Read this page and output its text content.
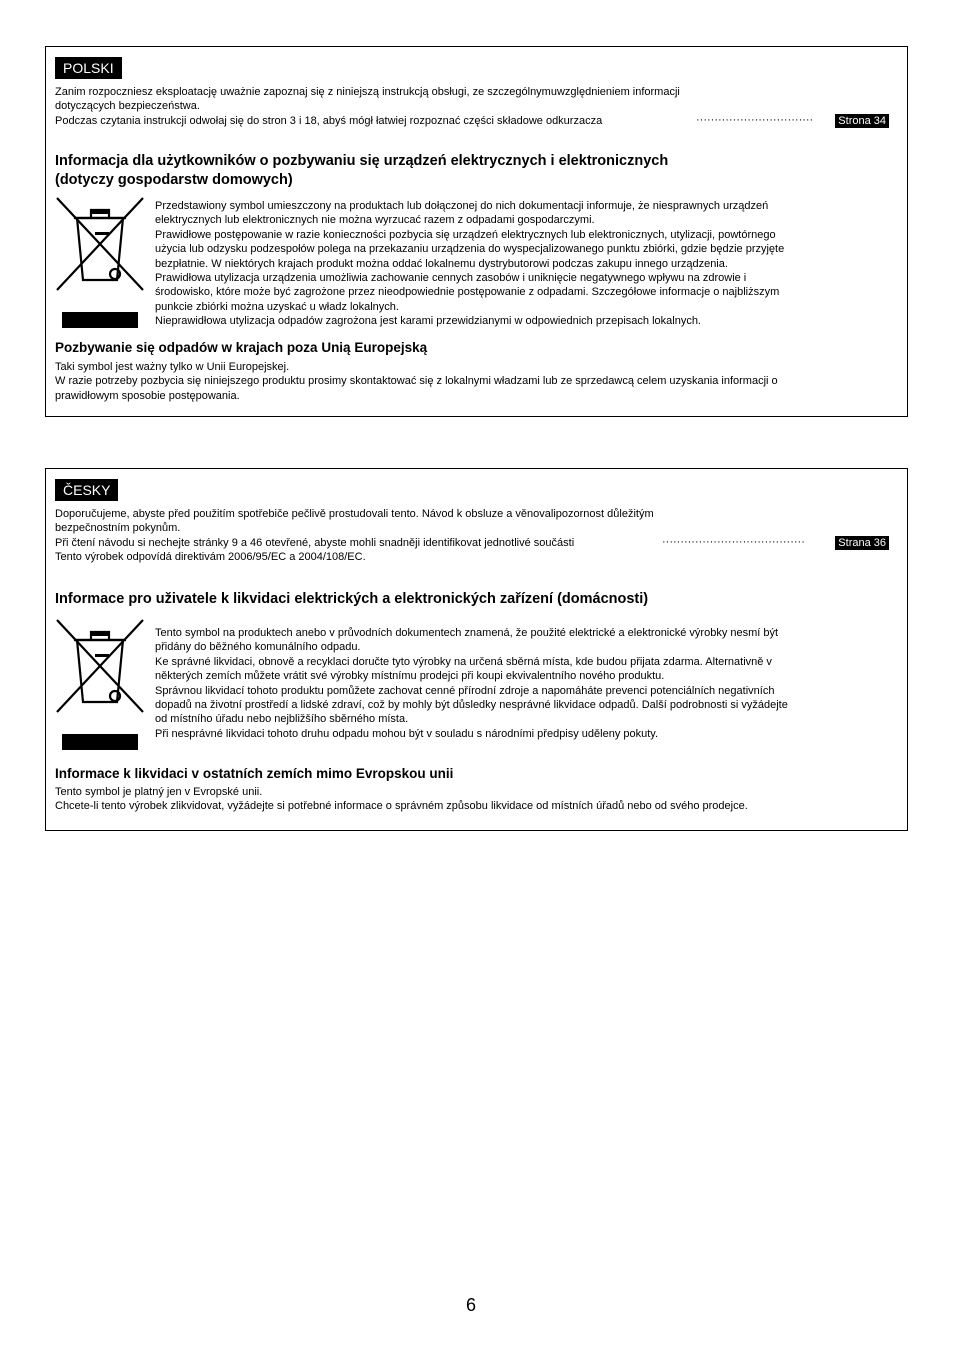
POLSKI
Zanim rozpoczniesz eksploatację uważnie zapoznaj się z niniejszą instrukcją obsługi, ze szczególnymuwzględnieniem informacji
dotyczących bezpieczeństwa.
Podczas czytania instrukcji odwołaj się do stron 3 i 18, abyś mógł łatwiej rozpoznać części składowe odkurzacza	································	Strona 34
Informacja dla użytkowników o pozbywaniu się urządzeń elektrycznych i elektronicznych
(dotyczy gospodarstw domowych)
Przedstawiony symbol umieszczony na produktach lub dołączonej do nich dokumentacji informuje, że niesprawnych urządzeń
elektrycznych lub elektronicznych nie można wyrzucać razem z odpadami gospodarczymi.
Prawidłowe postępowanie w razie konieczności pozbycia się urządzeń elektrycznych lub elektronicznych, utylizacji, powtórnego
użycia lub odzysku podzespołów polega na przekazaniu urządzenia do wyspecjalizowanego punktu zbiórki, gdzie będzie przyjęte
bezpłatnie. W niektórych krajach produkt można oddać lokalnemu dystrybutorowi podczas zakupu innego urządzenia.
Prawidłowa utylizacja urządzenia umożliwia zachowanie cennych zasobów i uniknięcie negatywnego wpływu na zdrowie i
środowisko, które może być zagrożone przez nieodpowiednie postępowanie z odpadami. Szczegółowe informacje o najbliższym
punkcie zbiórki można uzyskać u władz lokalnych.
Nieprawidłowa utylizacja odpadów zagrożona jest karami przewidzianymi w odpowiednich przepisach lokalnych.
Pozbywanie się odpadów w krajach poza Unią Europejską
Taki symbol jest ważny tylko w Unii Europejskej.
W razie potrzeby pozbycia się niniejszego produktu prosimy skontaktować się z lokalnymi władzami lub ze sprzedawcą celem uzyskania informacji o
prawidłowym sposobie postępowania.
ČESKY
Doporučujeme, abyste před použitím spotřebiče pečlivě prostudovali tento. Návod k obsluze a věnovalipozornost důležitým
bezpečnostním pokynům.
Při čtení návodu si nechejte stránky 9 a 46 otevřené, abyste mohli snadněji identifikovat jednotlivé součásti
Tento výrobek odpovídá direktivám 2006/95/EC a 2004/108/EC.
·······································	Strana 36
Informace pro uživatele k likvidaci elektrických a elektronických zařízení (domácnosti)
Tento symbol na produktech anebo v průvodních dokumentech znamená, že použité elektrické a elektronické výrobky nesmí být
přidány do běžného komunálního odpadu.
Ke správné likvidaci, obnově a recyklaci doručte tyto výrobky na určená sběrná místa, kde budou přijata zdarma. Alternativně v
některých zemích můžete vrátit své výrobky místnímu prodejci při koupi ekvivalentního nového produktu.
Správnou likvidací tohoto produktu pomůžete zachovat cenné přírodní zdroje a napomáháte prevenci potenciálních negativních
dopadů na životní prostředí a lidské zdraví, což by mohly být důsledky nesprávné likvidace odpadů. Další podrobnosti si vyžádejte
od místního úřadu nebo nejbližšího sběrného místa.
Při nesprávné likvidaci tohoto druhu odpadu mohou být v souladu s národními předpisy uděleny pokuty.
Informace k likvidaci v ostatních zemích mimo Evropskou unii
Tento symbol je platný jen v Evropské unii.
Chcete-li tento výrobek zlikvidovat, vyžádejte si potřebné informace o správném způsobu likvidace od místních úřadů nebo od svého prodejce.
6
